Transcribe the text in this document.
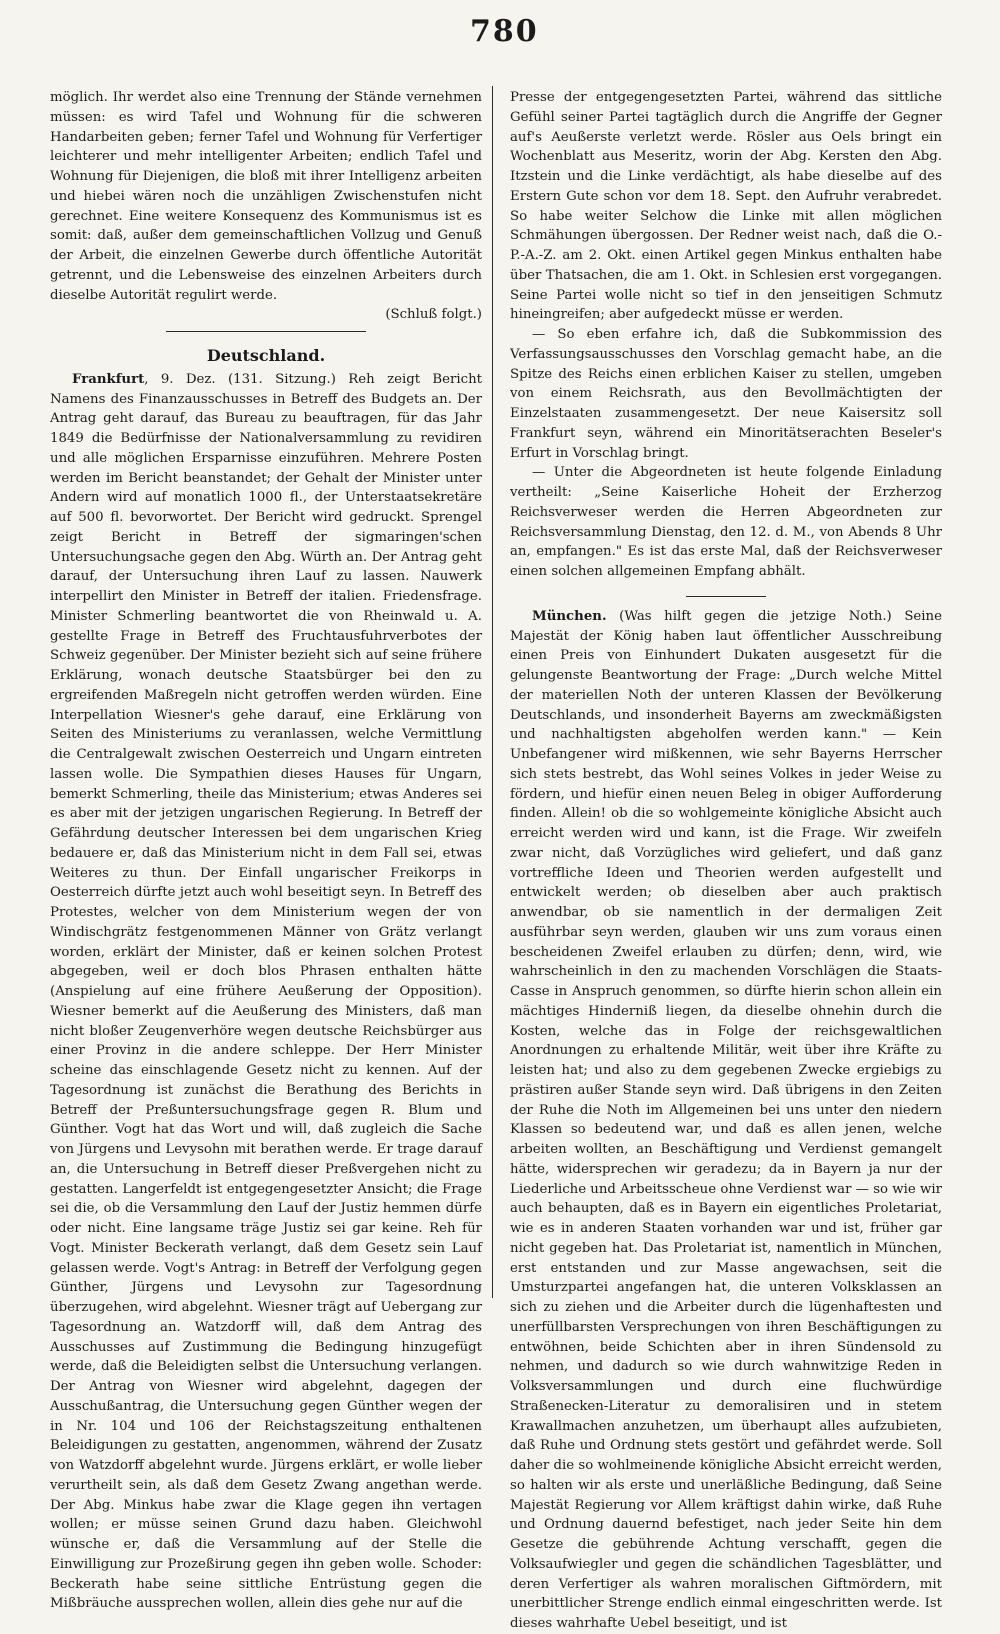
780

möglich. Ihr werdet also eine Trennung der Stände vernehmen müssen: es wird Tafel und Wohnung für die schweren Handarbeiten geben; ferner Tafel und Wohnung für Verfertiger leichterer und mehr intelligenter Arbeiten; endlich Tafel und Wohnung für Diejenigen, die bloß mit ihrer Intelligenz arbeiten und hiebei wären noch die unzähligen Zwischenstufen nicht gerechnet. Eine weitere Konsequenz des Kommunismus ist es somit: daß, außer dem gemeinschaftlichen Vollzug und Genuß der Arbeit, die einzelnen Gewerbe durch öffentliche Autorität getrennt, und die Lebensweise des einzelnen Arbeiters durch dieselbe Autorität regulirt werde.

(Schluß folgt.)

Deutschland.

Frankfurt, 9. Dez. (131. Sitzung.) Reh zeigt Bericht Namens des Finanzausschusses in Betreff des Budgets an. Der Antrag geht darauf, das Bureau zu beauftragen, für das Jahr 1849 die Bedürfnisse der Nationalversammlung zu revidiren und alle möglichen Ersparnisse einzuführen. Mehrere Posten werden im Bericht beanstandet; der Gehalt der Minister unter Andern wird auf monatlich 1000 fl., der Unterstaatsekretäre auf 500 fl. bevorwortet. Der Bericht wird gedruckt. Sprengel zeigt Bericht in Betreff der sigmaringen'schen Untersuchungsache gegen den Abg. Würth an. Der Antrag geht darauf, der Untersuchung ihren Lauf zu lassen. Nauwerk interpellirt den Minister in Betreff der italien. Friedensfrage. Minister Schmerling beantwortet die von Rheinwald u. A. gestellte Frage in Betreff des Fruchtausfuhrverbotes der Schweiz gegenüber. Der Minister bezieht sich auf seine frühere Erklärung, wonach deutsche Staatsbürger bei den zu ergreifenden Maßregeln nicht getroffen werden würden. Eine Interpellation Wiesner's gehe darauf, eine Erklärung von Seiten des Ministeriums zu veranlassen, welche Vermittlung die Centralgewalt zwischen Oesterreich und Ungarn eintreten lassen wolle. Die Sympathien dieses Hauses für Ungarn, bemerkt Schmerling, theile das Ministerium; etwas Anderes sei es aber mit der jetzigen ungarischen Regierung. In Betreff der Gefährdung deutscher Interessen bei dem ungarischen Krieg bedauere er, daß das Ministerium nicht in dem Fall sei, etwas Weiteres zu thun. Der Einfall ungarischer Freikorps in Oesterreich dürfte jetzt auch wohl beseitigt seyn. In Betreff des Protestes, welcher von dem Ministerium wegen der von Windischgrätz festgenommenen Männer von Grätz verlangt worden, erklärt der Minister, daß er keinen solchen Protest abgegeben, weil er doch blos Phrasen enthalten hätte (Anspielung auf eine frühere Aeußerung der Opposition). Wiesner bemerkt auf die Aeußerung des Ministers, daß man nicht bloßer Zeugenverhöre wegen deutsche Reichsbürger aus einer Provinz in die andere schleppe. Der Herr Minister scheine das einschlagende Gesetz nicht zu kennen. Auf der Tagesordnung ist zunächst die Berathung des Berichts in Betreff der Preßuntersuchungsfrage gegen R. Blum und Günther. Vogt hat das Wort und will, daß zugleich die Sache von Jürgens und Levysohn mit berathen werde. Er trage darauf an, die Untersuchung in Betreff dieser Preßvergehen nicht zu gestatten. Langerfeldt ist entgegengesetzter Ansicht; die Frage sei die, ob die Versammlung den Lauf der Justiz hemmen dürfe oder nicht. Eine langsame träge Justiz sei gar keine. Reh für Vogt. Minister Beckerath verlangt, daß dem Gesetz sein Lauf gelassen werde. Vogt's Antrag: in Betreff der Verfolgung gegen Günther, Jürgens und Levysohn zur Tagesordnung überzugehen, wird abgelehnt. Wiesner trägt auf Uebergang zur Tagesordnung an. Watzdorff will, daß dem Antrag des Ausschusses auf Zustimmung die Bedingung hinzugefügt werde, daß die Beleidigten selbst die Untersuchung verlangen. Der Antrag von Wiesner wird abgelehnt, dagegen der Ausschußantrag, die Untersuchung gegen Günther wegen der in Nr. 104 und 106 der Reichstagszeitung enthaltenen Beleidigungen zu gestatten, angenommen, während der Zusatz von Watzdorff abgelehnt wurde. Jürgens erklärt, er wolle lieber verurtheilt sein, als daß dem Gesetz Zwang angethan werde. Der Abg. Minkus habe zwar die Klage gegen ihn vertagen wollen; er müsse seinen Grund dazu haben. Gleichwohl wünsche er, daß die Versammlung auf der Stelle die Einwilligung zur Prozeßirung gegen ihn geben wolle. Schoder: Beckerath habe seine sittliche Entrüstung gegen die Mißbräuche aussprechen wollen, allein dies gehe nur auf die

Presse der entgegengesetzten Partei, während das sittliche Gefühl seiner Partei tagtäglich durch die Angriffe der Gegner auf's Aeußerste verletzt werde. Rösler aus Oels bringt ein Wochenblatt aus Meseritz, worin der Abg. Kersten den Abg. Itzstein und die Linke verdächtigt, als habe dieselbe auf des Erstern Gute schon vor dem 18. Sept. den Aufruhr verabredet. So habe weiter Selchow die Linke mit allen möglichen Schmähungen übergossen. Der Redner weist nach, daß die O.-P.-A.-Z. am 2. Okt. einen Artikel gegen Minkus enthalten habe über Thatsachen, die am 1. Okt. in Schlesien erst vorgegangen. Seine Partei wolle nicht so tief in den jenseitigen Schmutz hineingreifen; aber aufgedeckt müsse er werden.

— So eben erfahre ich, daß die Subkommission des Verfassungsausschusses den Vorschlag gemacht habe, an die Spitze des Reichs einen erblichen Kaiser zu stellen, umgeben von einem Reichsrath, aus den Bevollmächtigten der Einzelstaaten zusammengesetzt. Der neue Kaisersitz soll Frankfurt seyn, während ein Minoritätserachten Beseler's Erfurt in Vorschlag bringt.

— Unter die Abgeordneten ist heute folgende Einladung vertheilt: „Seine Kaiserliche Hoheit der Erzherzog Reichsverweser werden die Herren Abgeordneten zur Reichsversammlung Dienstag, den 12. d. M., von Abends 8 Uhr an, empfangen." Es ist das erste Mal, daß der Reichsverweser einen solchen allgemeinen Empfang abhält.

München. (Was hilft gegen die jetzige Noth.) Seine Majestät der König haben laut öffentlicher Ausschreibung einen Preis von Einhundert Dukaten ausgesetzt für die gelungenste Beantwortung der Frage: „Durch welche Mittel der materiellen Noth der unteren Klassen der Bevölkerung Deutschlands, und insonderheit Bayerns am zweckmäßigsten und nachhaltigsten abgeholfen werden kann." — Kein Unbefangener wird mißkennen, wie sehr Bayerns Herrscher sich stets bestrebt, das Wohl seines Volkes in jeder Weise zu fördern, und hiefür einen neuen Beleg in obiger Aufforderung finden. Allein! ob die so wohlgemeinte königliche Absicht auch erreicht werden wird und kann, ist die Frage. Wir zweifeln zwar nicht, daß Vorzügliches wird geliefert, und daß ganz vortreffliche Ideen und Theorien werden aufgestellt und entwickelt werden; ob dieselben aber auch praktisch anwendbar, ob sie namentlich in der dermaligen Zeit ausführbar seyn werden, glauben wir uns zum voraus einen bescheidenen Zweifel erlauben zu dürfen; denn, wird, wie wahrscheinlich in den zu machenden Vorschlägen die Staats-Casse in Anspruch genommen, so dürfte hierin schon allein ein mächtiges Hinderniß liegen, da dieselbe ohnehin durch die Kosten, welche das in Folge der reichsgewaltlichen Anordnungen zu erhaltende Militär, weit über ihre Kräfte zu leisten hat; und also zu dem gegebenen Zwecke ergiebigs zu prästiren außer Stande seyn wird. Daß übrigens in den Zeiten der Ruhe die Noth im Allgemeinen bei uns unter den niedern Klassen so bedeutend war, und daß es allen jenen, welche arbeiten wollten, an Beschäftigung und Verdienst gemangelt hätte, widersprechen wir geradezu; da in Bayern ja nur der Liederliche und Arbeitsscheue ohne Verdienst war — so wie wir auch behaupten, daß es in Bayern ein eigentliches Proletariat, wie es in anderen Staaten vorhanden war und ist, früher gar nicht gegeben hat. Das Proletariat ist, namentlich in München, erst entstanden und zur Masse angewachsen, seit die Umsturzpartei angefangen hat, die unteren Volksklassen an sich zu ziehen und die Arbeiter durch die lügenhaftesten und unerfüllbarsten Versprechungen von ihren Beschäftigungen zu entwöhnen, beide Schichten aber in ihren Sündensold zu nehmen, und dadurch so wie durch wahnwitzige Reden in Volksversammlungen und durch eine fluchwürdige Straßenecken-Literatur zu demoralisiren und in stetem Krawallmachen anzuhetzen, um überhaupt alles aufzubieten, daß Ruhe und Ordnung stets gestört und gefährdet werde. Soll daher die so wohlmeinende königliche Absicht erreicht werden, so halten wir als erste und unerläßliche Bedingung, daß Seine Majestät Regierung vor Allem kräftigst dahin wirke, daß Ruhe und Ordnung dauernd befestiget, nach jeder Seite hin dem Gesetze die gebührende Achtung verschafft, gegen die Volksaufwiegler und gegen die schändlichen Tagesblätter, und deren Verfertiger als wahren moralischen Giftmördern, mit unerbittlicher Strenge endlich einmal eingeschritten werde. Ist dieses wahrhafte Uebel beseitigt, und ist
